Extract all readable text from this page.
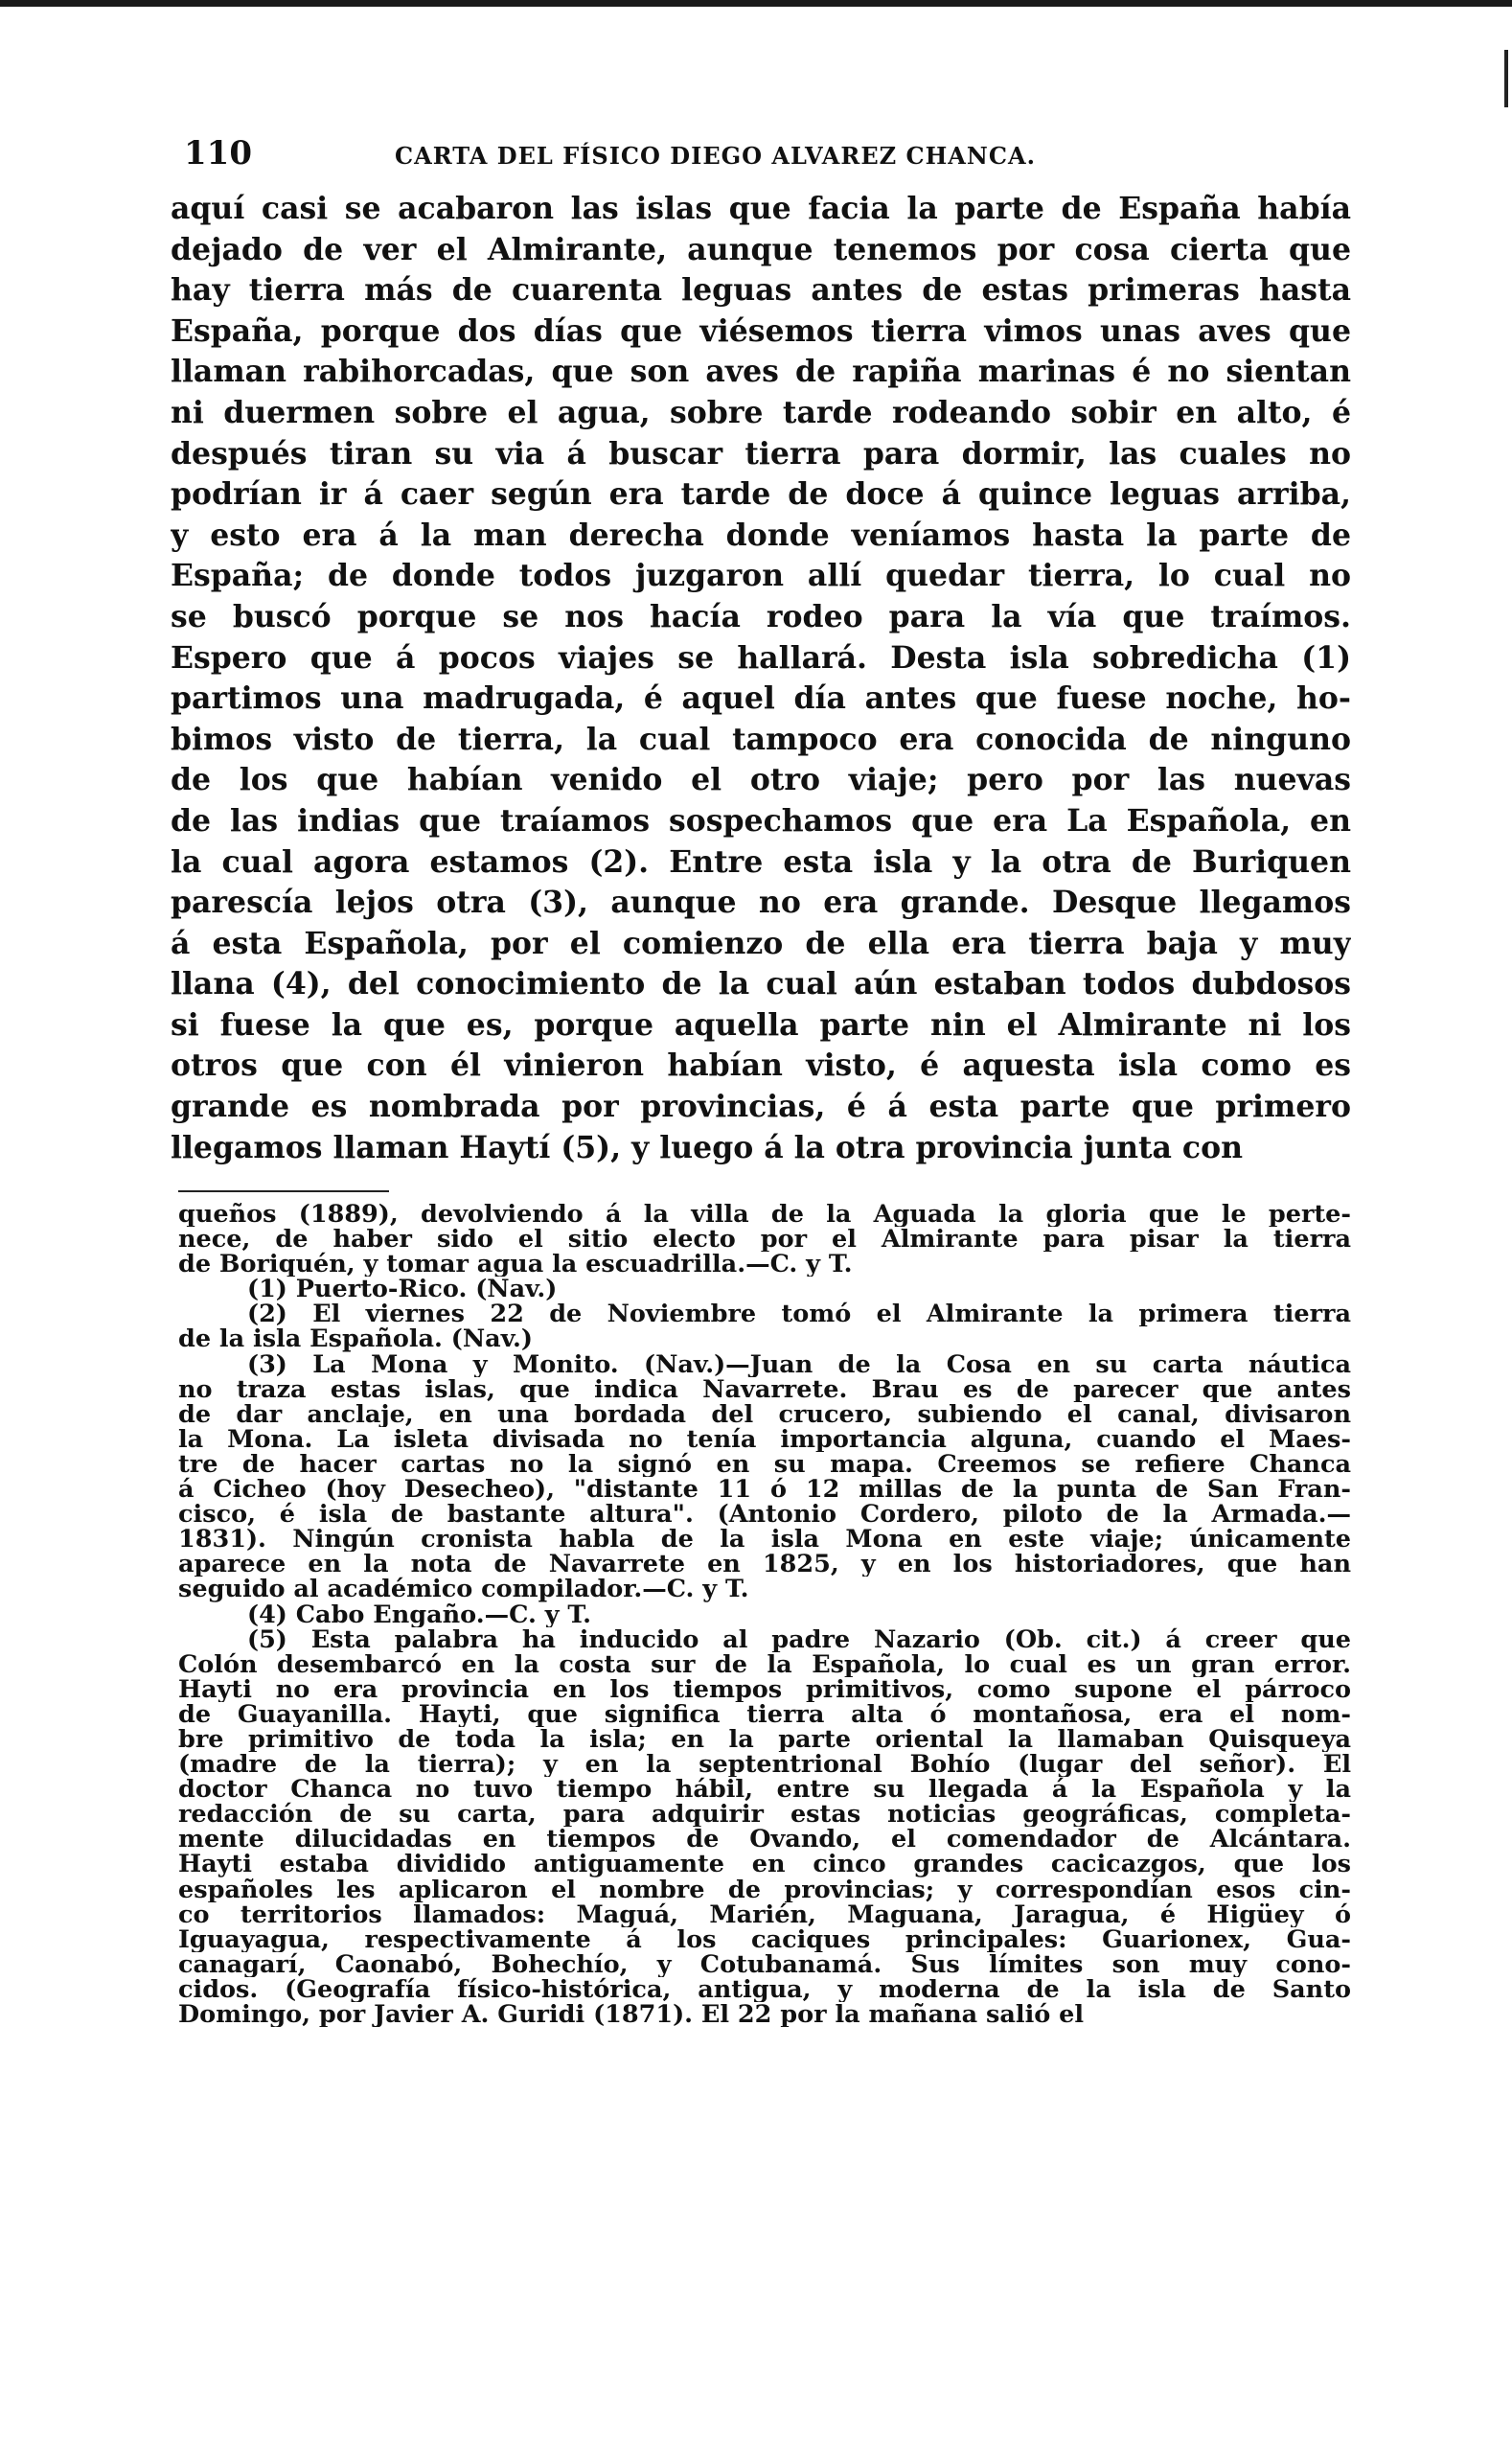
110	CARTA DEL FÍSICO DIEGO ALVAREZ CHANCA.
aquí casi se acabaron las islas que facia la parte de España había
dejado de ver el Almirante, aunque tenemos por cosa cierta que
hay tierra más de cuarenta leguas antes de estas primeras hasta
España, porque dos días que viésemos tierra vimos unas aves que
llaman rabihorcadas, que son aves de rapiña marinas é no sientan
ni duermen sobre el agua, sobre tarde rodeando sobir en alto, é
después tiran su via á buscar tierra para dormir, las cuales no
podrían ir á caer según era tarde de doce á quince leguas arriba,
y esto era á la man derecha donde veníamos hasta la parte de
España; de donde todos juzgaron allí quedar tierra, lo cual no
se buscó porque se nos hacía rodeo para la vía que traímos.
Espero que á pocos viajes se hallará. Desta isla sobredicha (1)
partimos una madrugada, é aquel día antes que fuese noche, ho-
bimos visto de tierra, la cual tampoco era conocida de ninguno
de los que habían venido el otro viaje; pero por las nuevas
de las indias que traíamos sospechamos que era La Española, en
la cual agora estamos (2). Entre esta isla y la otra de Buriquen
parescía lejos otra (3), aunque no era grande. Desque llegamos
á esta Española, por el comienzo de ella era tierra baja y muy
llana (4), del conocimiento de la cual aún estaban todos dubdosos
si fuese la que es, porque aquella parte nin el Almirante ni los
otros que con él vinieron habían visto, é aquesta isla como es
grande es nombrada por provincias, é á esta parte que primero
llegamos llaman Haytí (5), y luego á la otra provincia junta con
queños (1889), devolviendo á la villa de la Aguada la gloria que le perte-
nece, de haber sido el sitio electo por el Almirante para pisar la tierra
de Boriquén, y tomar agua la escuadrilla.—C. y T.
(1) Puerto-Rico. (Nav.)
(2) El viernes 22 de Noviembre tomó el Almirante la primera tierra
de la isla Española. (Nav.)
(3) La Mona y Monito. (Nav.)—Juan de la Cosa en su carta náutica
no traza estas islas, que indica Navarrete. Brau es de parecer que antes
de dar anclaje, en una bordada del crucero, subiendo el canal, divisaron
la Mona. La isleta divisada no tenía importancia alguna, cuando el Maes-
tre de hacer cartas no la signó en su mapa. Creemos se refiere Chanca
á Cicheo (hoy Desecheo), "distante 11 ó 12 millas de la punta de San Fran-
cisco, é isla de bastante altura". (Antonio Cordero, piloto de la Armada.—
1831). Ningún cronista habla de la isla Mona en este viaje; únicamente
aparece en la nota de Navarrete en 1825, y en los historiadores, que han
seguido al académico compilador.—C. y T.
(4) Cabo Engaño.—C. y T.
(5) Esta palabra ha inducido al padre Nazario (Ob. cit.) á creer que
Colón desembarcó en la costa sur de la Española, lo cual es un gran error.
Hayti no era provincia en los tiempos primitivos, como supone el párroco
de Guayanilla. Hayti, que significa tierra alta ó montañosa, era el nom-
bre primitivo de toda la isla; en la parte oriental la llamaban Quisqueya
(madre de la tierra); y en la septentrional Bohío (lugar del señor). El
doctor Chanca no tuvo tiempo hábil, entre su llegada á la Española y la
redacción de su carta, para adquirir estas noticias geográficas, completa-
mente dilucidadas en tiempos de Ovando, el comendador de Alcántara.
Hayti estaba dividido antiguamente en cinco grandes cacicazgos, que los
españoles les aplicaron el nombre de provincias; y correspondían esos cin-
co territorios llamados: Maguá, Marién, Maguana, Jaragua, é Higüey ó
Iguayagua, respectivamente á los caciques principales: Guarionex, Gua-
canagarí, Caonabó, Bohechío, y Cotubanamá. Sus límites son muy cono-
cidos. (Geografía físico-histórica, antigua, y moderna de la isla de Santo
Domingo, por Javier A. Guridi (1871). El 22 por la mañana salió el
